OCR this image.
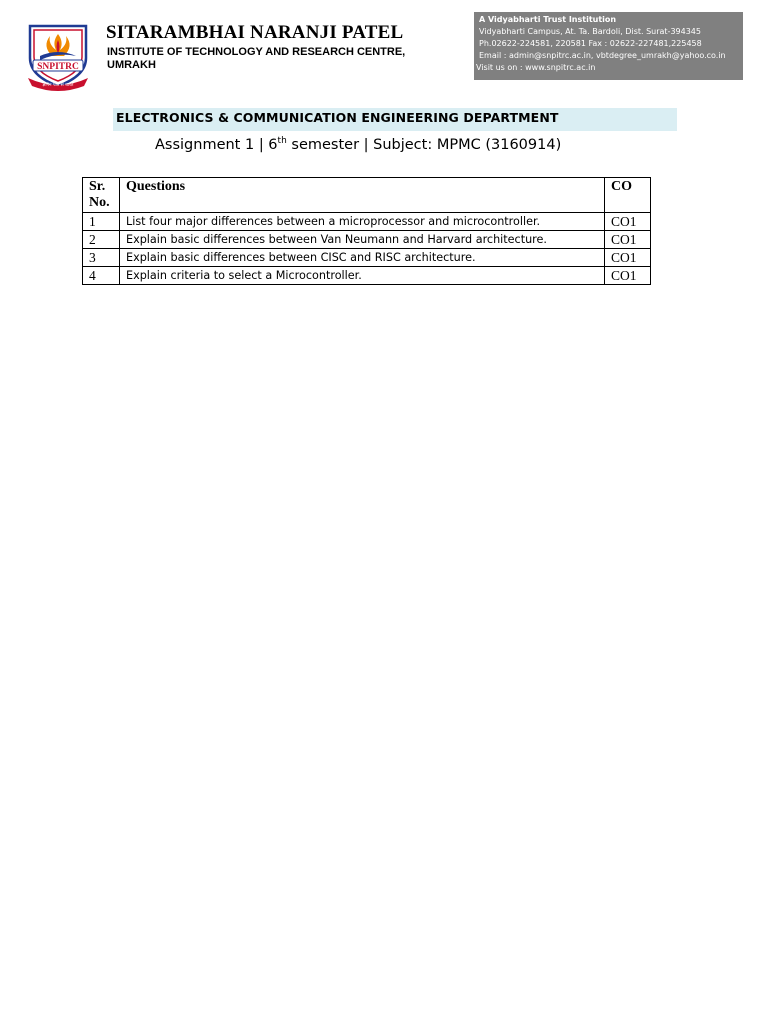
SNPITRC
ज्ञानेन पति सं धारते
SITARAMBHAI NARANJI PATEL
INSTITUTE OF TECHNOLOGY AND RESEARCH CENTRE, UMRAKH
A Vidyabharti Trust Institution
Vidyabharti Campus, At. Ta. Bardoli, Dist. Surat-394345
Ph.02622-224581, 220581 Fax : 02622-227481,225458
Email : admin@snpitrc.ac.in, vbtdegree_umrakh@yahoo.co.in
Visit us on : www.snpitrc.ac.in
ELECTRONICS & COMMUNICATION ENGINEERING DEPARTMENT
Assignment 1 | 6th semester | Subject: MPMC (3160914)
Sr. No.	Questions	CO
1	List four major differences between a microprocessor and microcontroller.	CO1
2	Explain basic differences between Van Neumann and Harvard architecture.	CO1
3	Explain basic differences between CISC and RISC architecture.	CO1
4	Explain criteria to select a Microcontroller.	CO1
